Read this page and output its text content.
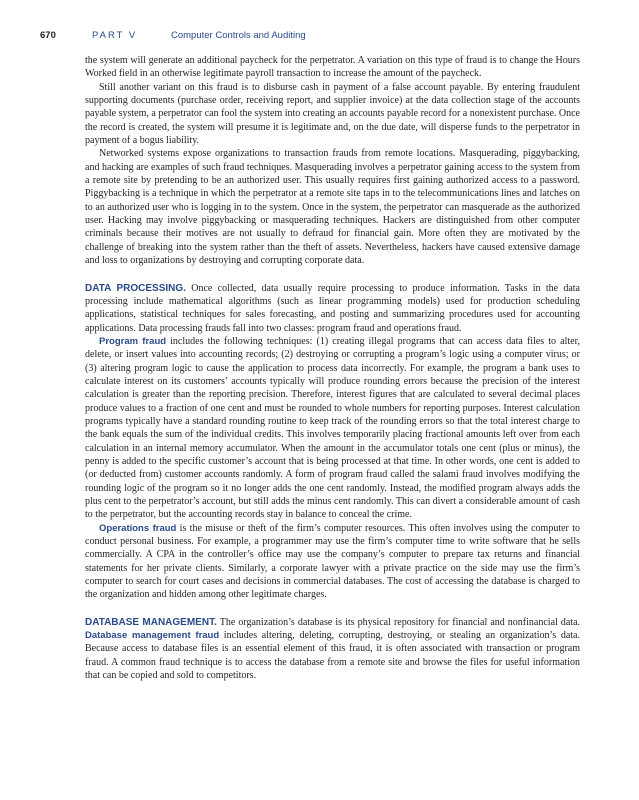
670	PART V	Computer Controls and Auditing

the system will generate an additional paycheck for the perpetrator. A variation on this type of fraud is to change the Hours Worked field in an otherwise legitimate payroll transaction to increase the amount of the paycheck.

Still another variant on this fraud is to disburse cash in payment of a false account payable. By entering fraudulent supporting documents (purchase order, receiving report, and supplier invoice) at the data collection stage of the accounts payable system, a perpetrator can fool the system into creating an accounts payable record for a nonexistent purchase. Once the record is created, the system will presume it is legitimate and, on the due date, will disperse funds to the perpetrator in payment of a bogus liability.

Networked systems expose organizations to transaction frauds from remote locations. Masquerading, piggybacking, and hacking are examples of such fraud techniques. Masquerading involves a perpetrator gaining access to the system from a remote site by pretending to be an authorized user. This usually requires first gaining authorized access to a password. Piggybacking is a technique in which the perpetrator at a remote site taps in to the telecommunications lines and latches on to an authorized user who is logging in to the system. Once in the system, the perpetrator can masquerade as the authorized user. Hacking may involve piggybacking or masquerading techniques. Hackers are distinguished from other computer criminals because their motives are not usually to defraud for financial gain. More often they are motivated by the challenge of breaking into the system rather than the theft of assets. Nevertheless, hackers have caused extensive damage and loss to organizations by destroying and corrupting corporate data.

DATA PROCESSING. Once collected, data usually require processing to produce information. Tasks in the data processing include mathematical algorithms (such as linear programming models) used for production scheduling applications, statistical techniques for sales forecasting, and posting and summarizing procedures used for accounting applications. Data processing frauds fall into two classes: program fraud and operations fraud.

Program fraud includes the following techniques: (1) creating illegal programs that can access data files to alter, delete, or insert values into accounting records; (2) destroying or corrupting a program’s logic using a computer virus; or (3) altering program logic to cause the application to process data incorrectly. For example, the program a bank uses to calculate interest on its customers’ accounts typically will produce rounding errors because the precision of the interest calculation is greater than the reporting precision. Therefore, interest figures that are calculated to several decimal places produce values to a fraction of one cent and must be rounded to whole numbers for reporting purposes. Interest calculation programs typically have a standard rounding routine to keep track of the rounding errors so that the total interest charge to the bank equals the sum of the individual credits. This involves temporarily placing fractional amounts left over from each calculation in an internal memory accumulator. When the amount in the accumulator totals one cent (plus or minus), the penny is added to the specific customer’s account that is being processed at that time. In other words, one cent is added to (or deducted from) customer accounts randomly. A form of program fraud called the salami fraud involves modifying the rounding logic of the program so it no longer adds the one cent randomly. Instead, the modified program always adds the plus cent to the perpetrator’s account, but still adds the minus cent randomly. This can divert a considerable amount of cash to the perpetrator, but the accounting records stay in balance to conceal the crime.

Operations fraud is the misuse or theft of the firm’s computer resources. This often involves using the computer to conduct personal business. For example, a programmer may use the firm’s computer time to write software that he sells commercially. A CPA in the controller’s office may use the company’s computer to prepare tax returns and financial statements for her private clients. Similarly, a corporate lawyer with a private practice on the side may use the firm’s computer to search for court cases and decisions in commercial databases. The cost of accessing the database is charged to the organization and hidden among other legitimate charges.

DATABASE MANAGEMENT. The organization’s database is its physical repository for financial and nonfinancial data. Database management fraud includes altering, deleting, corrupting, destroying, or stealing an organization’s data. Because access to database files is an essential element of this fraud, it is often associated with transaction or program fraud. A common fraud technique is to access the database from a remote site and browse the files for useful information that can be copied and sold to competitors.
